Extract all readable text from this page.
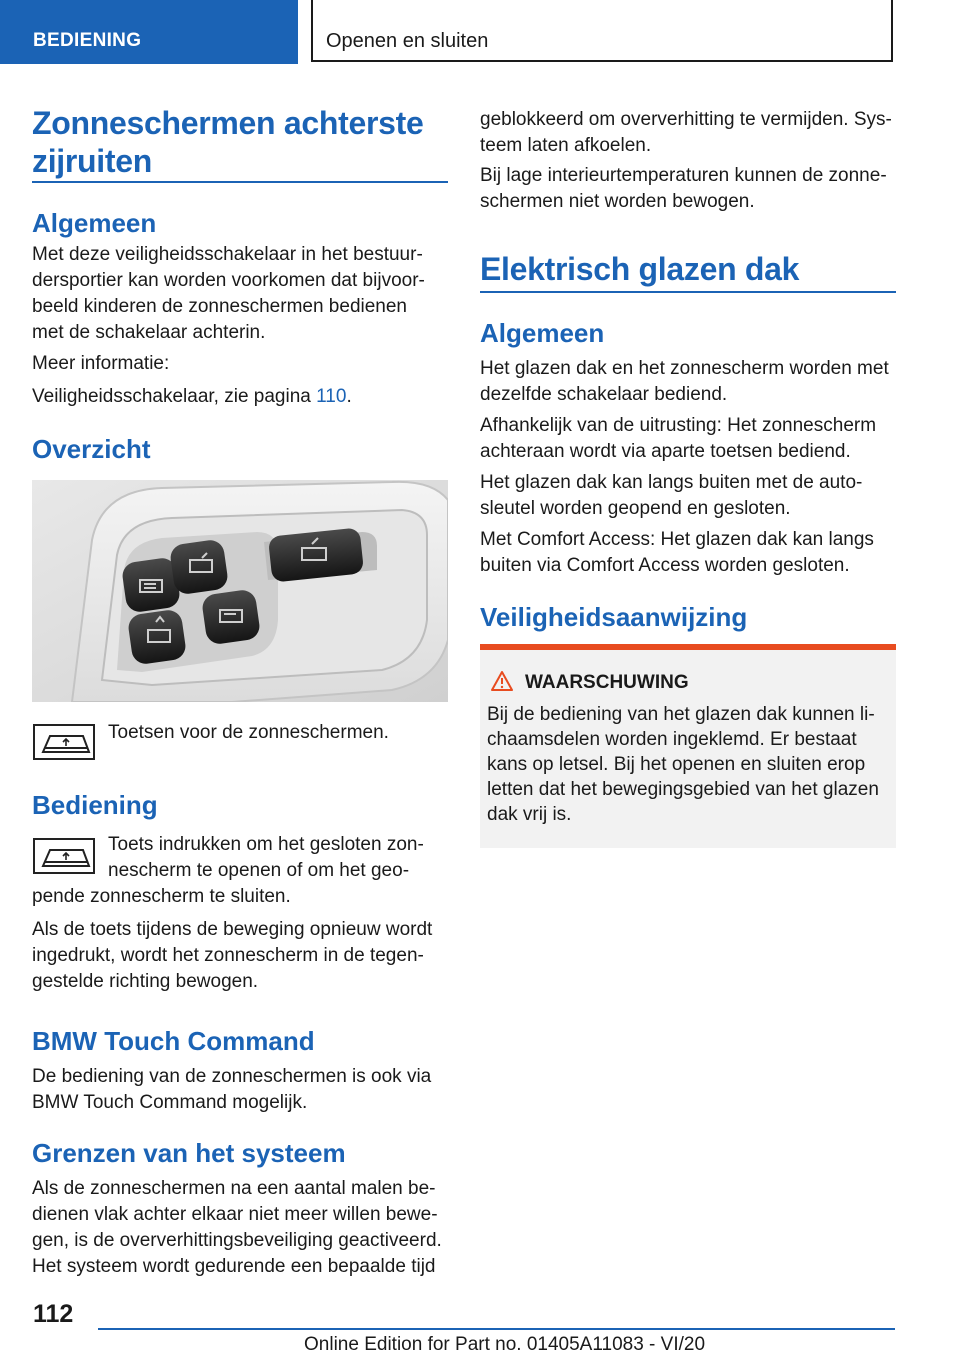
BEDIENING	Openen en sluiten
Zonneschermen achterste
zijruiten
Algemeen
Met deze veiligheidsschakelaar in het bestuur-
dersportier kan worden voorkomen dat bijvoor-
beeld kinderen de zonneschermen bedienen
met de schakelaar achterin.
Meer informatie:
Veiligheidsschakelaar, zie pagina 110.
Overzicht
Toetsen voor de zonneschermen.
Bediening
Toets indrukken om het gesloten zon-
nescherm te openen of om het geo-
pende zonnescherm te sluiten.
Als de toets tijdens de beweging opnieuw wordt
ingedrukt, wordt het zonnescherm in de tegen-
gestelde richting bewogen.
BMW Touch Command
De bediening van de zonneschermen is ook via
BMW Touch Command mogelijk.
Grenzen van het systeem
Als de zonneschermen na een aantal malen be-
dienen vlak achter elkaar niet meer willen bewe-
gen, is de oververhittingsbeveiliging geactiveerd.
Het systeem wordt gedurende een bepaalde tijd
geblokkeerd om oververhitting te vermijden. Sys-
teem laten afkoelen.
Bij lage interieurtemperaturen kunnen de zonne-
schermen niet worden bewogen.
Elektrisch glazen dak
Algemeen
Het glazen dak en het zonnescherm worden met
dezelfde schakelaar bediend.
Afhankelijk van de uitrusting: Het zonnescherm
achteraan wordt via aparte toetsen bediend.
Het glazen dak kan langs buiten met de auto-
sleutel worden geopend en gesloten.
Met Comfort Access: Het glazen dak kan langs
buiten via Comfort Access worden gesloten.
Veiligheidsaanwijzing
WAARSCHUWING
Bij de bediening van het glazen dak kunnen li-
chaamsdelen worden ingeklemd. Er bestaat
kans op letsel. Bij het openen en sluiten erop
letten dat het bewegingsgebied van het glazen
dak vrij is.
112
Online Edition for Part no. 01405A11083 - VI/20
